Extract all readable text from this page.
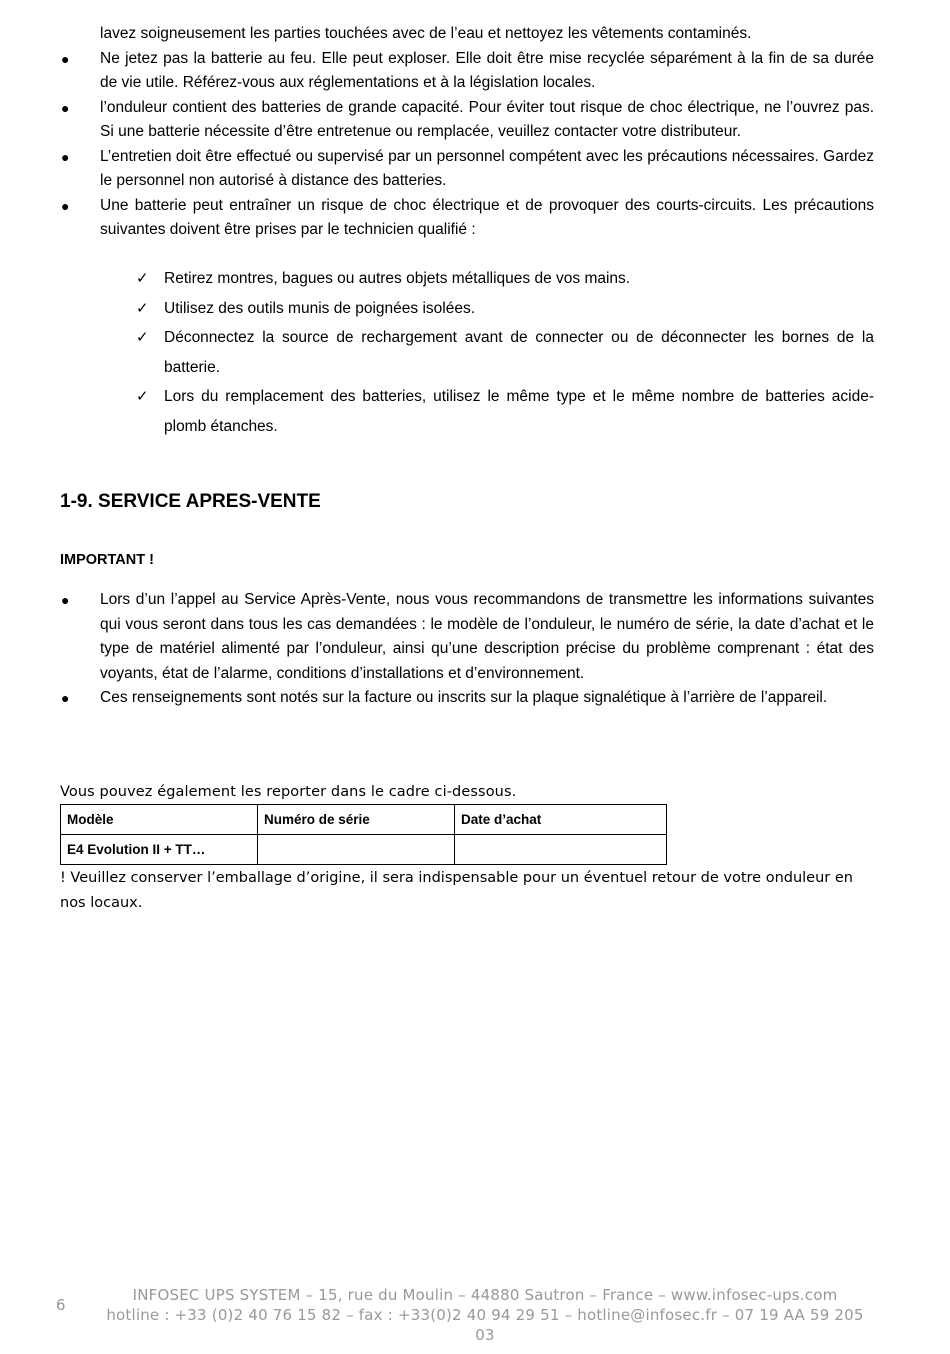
lavez soigneusement les parties touchées avec de l’eau et nettoyez les vêtements contaminés.
● Ne jetez pas la batterie au feu. Elle peut exploser. Elle doit être mise recyclée séparément à la fin de sa durée de vie utile. Référez-vous aux réglementations et à la législation locales.
● l’onduleur contient des batteries de grande capacité. Pour éviter tout risque de choc électrique, ne l’ouvrez pas. Si une batterie nécessite d’être entretenue ou remplacée, veuillez contacter votre distributeur.
● L’entretien doit être effectué ou supervisé par un personnel compétent avec les précautions nécessaires. Gardez le personnel non autorisé à distance des batteries.
● Une batterie peut entraîner un risque de choc électrique et de provoquer des courts-circuits. Les précautions suivantes doivent être prises par le technicien qualifié :
✓ Retirez montres, bagues ou autres objets métalliques de vos mains.
✓ Utilisez des outils munis de poignées isolées.
✓ Déconnectez la source de rechargement avant de connecter ou de déconnecter les bornes de la batterie.
✓ Lors du remplacement des batteries, utilisez le même type et le même nombre de batteries acide-plomb étanches.
1-9. SERVICE APRES-VENTE
IMPORTANT !
● Lors d’un l’appel au Service Après-Vente, nous vous recommandons de transmettre les informations suivantes qui vous seront dans tous les cas demandées : le modèle de l’onduleur, le numéro de série, la date d’achat et le type de matériel alimenté par l’onduleur, ainsi qu’une description précise du problème comprenant : état des voyants, état de l’alarme, conditions d’installations et d’environnement.
● Ces renseignements sont notés sur la facture ou inscrits sur la plaque signalétique à l’arrière de l’appareil.
Vous pouvez également les reporter dans le cadre ci-dessous.
Modèle	Numéro de série	Date d’achat
E4 Evolution II + TT…		
! Veuillez conserver l’emballage d’origine, il sera indispensable pour un éventuel retour de votre onduleur en nos locaux.
6
INFOSEC UPS SYSTEM – 15, rue du Moulin – 44880 Sautron – France – www.infosec-ups.com
hotline : +33 (0)2 40 76 15 82 – fax : +33(0)2 40 94 29 51 – hotline@infosec.fr – 07 19 AA 59 205 03
